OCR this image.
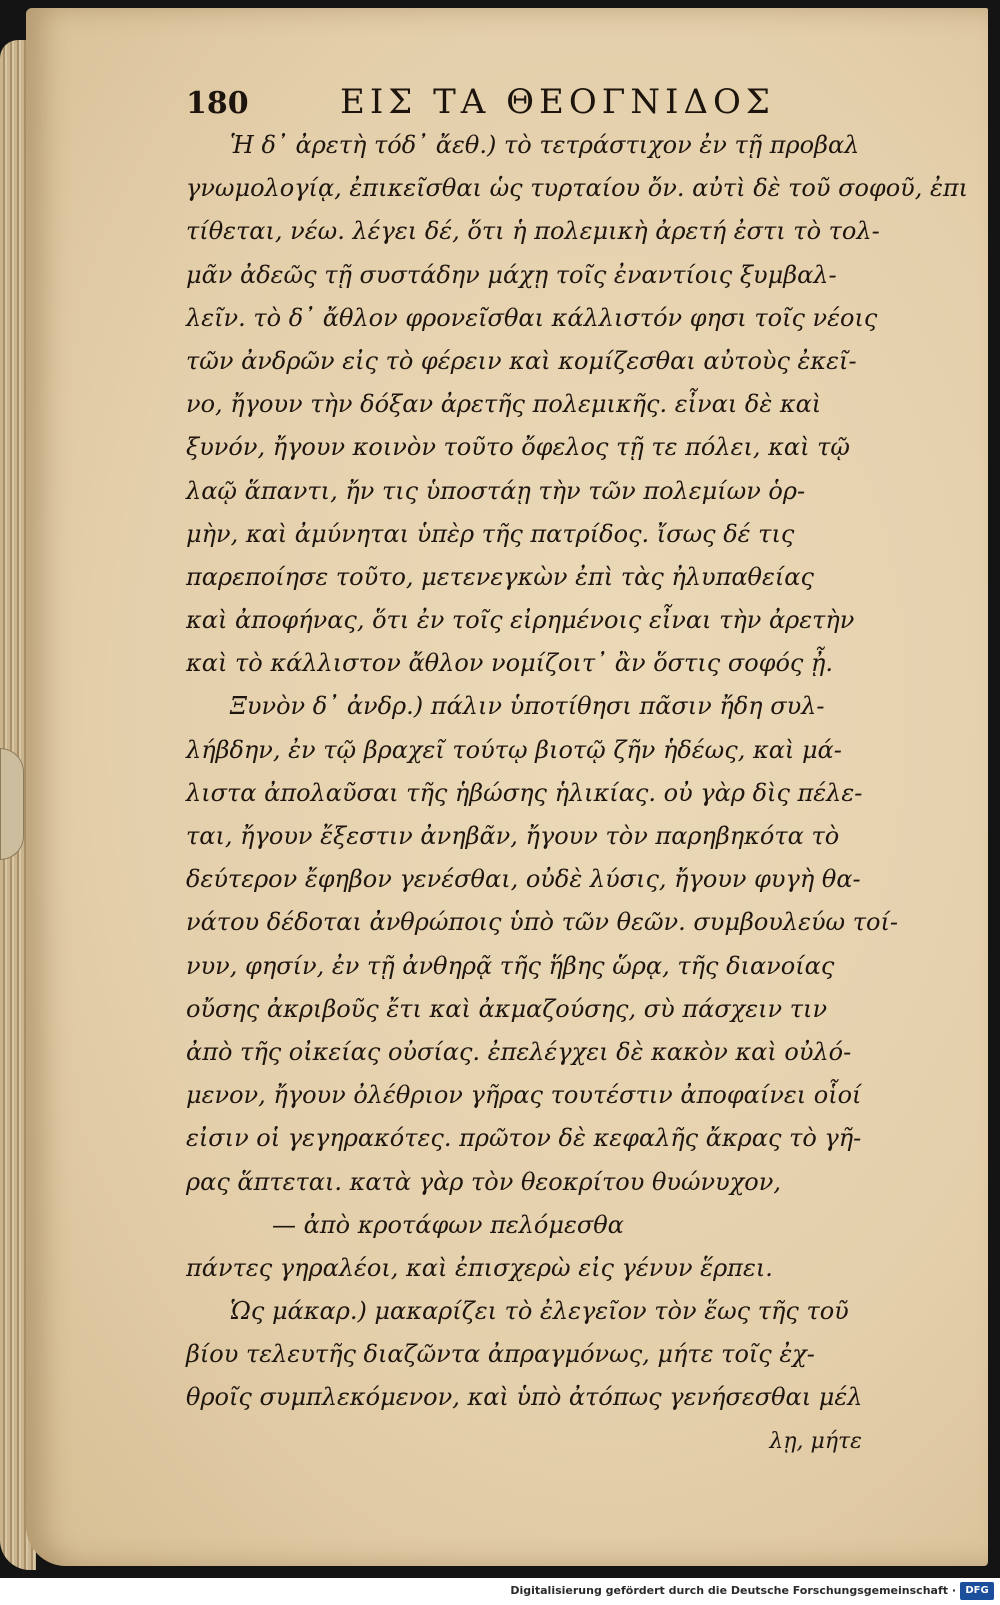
180	ΕΙΣ ΤΑ ΘΕΟΓΝΙΔΟΣ
Ἡ δ᾽ ἀρετὴ τόδ᾽ ἄεθ.) τὸ τετράστιχον ἐν τῇ προβαλ
γνωμολογίᾳ, ἐπικεῖσθαι ὡς τυρταίου ὄν. αὐτὶ δὲ τοῦ σοφοῦ, ἐπι
τίθεται, νέω. λέγει δέ, ὅτι ἡ πολεμικὴ ἀρετή ἐστι τὸ τολ-
μᾶν ἀδεῶς τῇ συστάδην μάχῃ τοῖς ἐναντίοις ξυμβαλ-
λεῖν. τὸ δ᾽ ἄθλον φρονεῖσθαι κάλλιστόν φησι τοῖς νέοις
τῶν ἀνδρῶν εἰς τὸ φέρειν καὶ κομίζεσθαι αὐτοὺς ἐκεῖ-
νο, ἤγουν τὴν δόξαν ἀρετῆς πολεμικῆς. εἶναι δὲ καὶ
ξυνόν, ἤγουν κοινὸν τοῦτο ὄφελος τῇ τε πόλει, καὶ τῷ
λαῷ ἅπαντι, ἤν τις ὑποστάῃ τὴν τῶν πολεμίων ὁρ-
μὴν, καὶ ἀμύνηται ὑπὲρ τῆς πατρίδος. ἴσως δέ τις
παρεποίησε τοῦτο, μετενεγκὼν ἐπὶ τὰς ἠλυπαθείας
καὶ ἀποφήνας, ὅτι ἐν τοῖς εἰρημένοις εἶναι τὴν ἀρετὴν
καὶ τὸ κάλλιστον ἄθλον νομίζοιτ᾽ ἂν ὅστις σοφός ᾖ.
Ξυνὸν δ᾽ ἀνδρ.) πάλιν ὑποτίθησι πᾶσιν ἤδη συλ-
λήβδην, ἐν τῷ βραχεῖ τούτῳ βιοτῷ ζῆν ἡδέως, καὶ μά-
λιστα ἀπολαῦσαι τῆς ἡβώσης ἡλικίας. οὐ γὰρ δὶς πέλε-
ται, ἤγουν ἔξεστιν ἀνηβᾶν, ἤγουν τὸν παρηβηκότα τὸ
δεύτερον ἔφηβον γενέσθαι, οὐδὲ λύσις, ἤγουν φυγὴ θα-
νάτου δέδοται ἀνθρώποις ὑπὸ τῶν θεῶν. συμβουλεύω τοί-
νυν, φησίν, ἐν τῇ ἀνθηρᾷ τῆς ἥβης ὥρᾳ, τῆς διανοίας
οὔσης ἀκριβοῦς ἔτι καὶ ἀκμαζούσης, σὺ πάσχειν τιν
ἀπὸ τῆς οἰκείας οὐσίας. ἐπελέγχει δὲ κακὸν καὶ οὐλό-
μενον, ἤγουν ὀλέθριον γῆρας τουτέστιν ἀποφαίνει οἷοί
εἰσιν οἱ γεγηρακότες. πρῶτον δὲ κεφαλῆς ἄκρας τὸ γῆ-
ρας ἅπτεται. κατὰ γὰρ τὸν θεοκρίτου θυώνυχον,
— ἀπὸ κροτάφων πελόμεσθα
πάντες γηραλέοι, καὶ ἐπισχερὼ εἰς γένυν ἕρπει.
Ὡς μάκαρ.) μακαρίζει τὸ ἐλεγεῖον τὸν ἕως τῆς τοῦ
βίου τελευτῆς διαζῶντα ἀπραγμόνως, μήτε τοῖς ἐχ-
θροῖς συμπλεκόμενον, καὶ ὑπὸ ἀτόπως γενήσεσθαι μέλ
λῃ, μήτε
Digitalisierung gefördert durch die Deutsche Forschungsgemeinschaft · DFG
